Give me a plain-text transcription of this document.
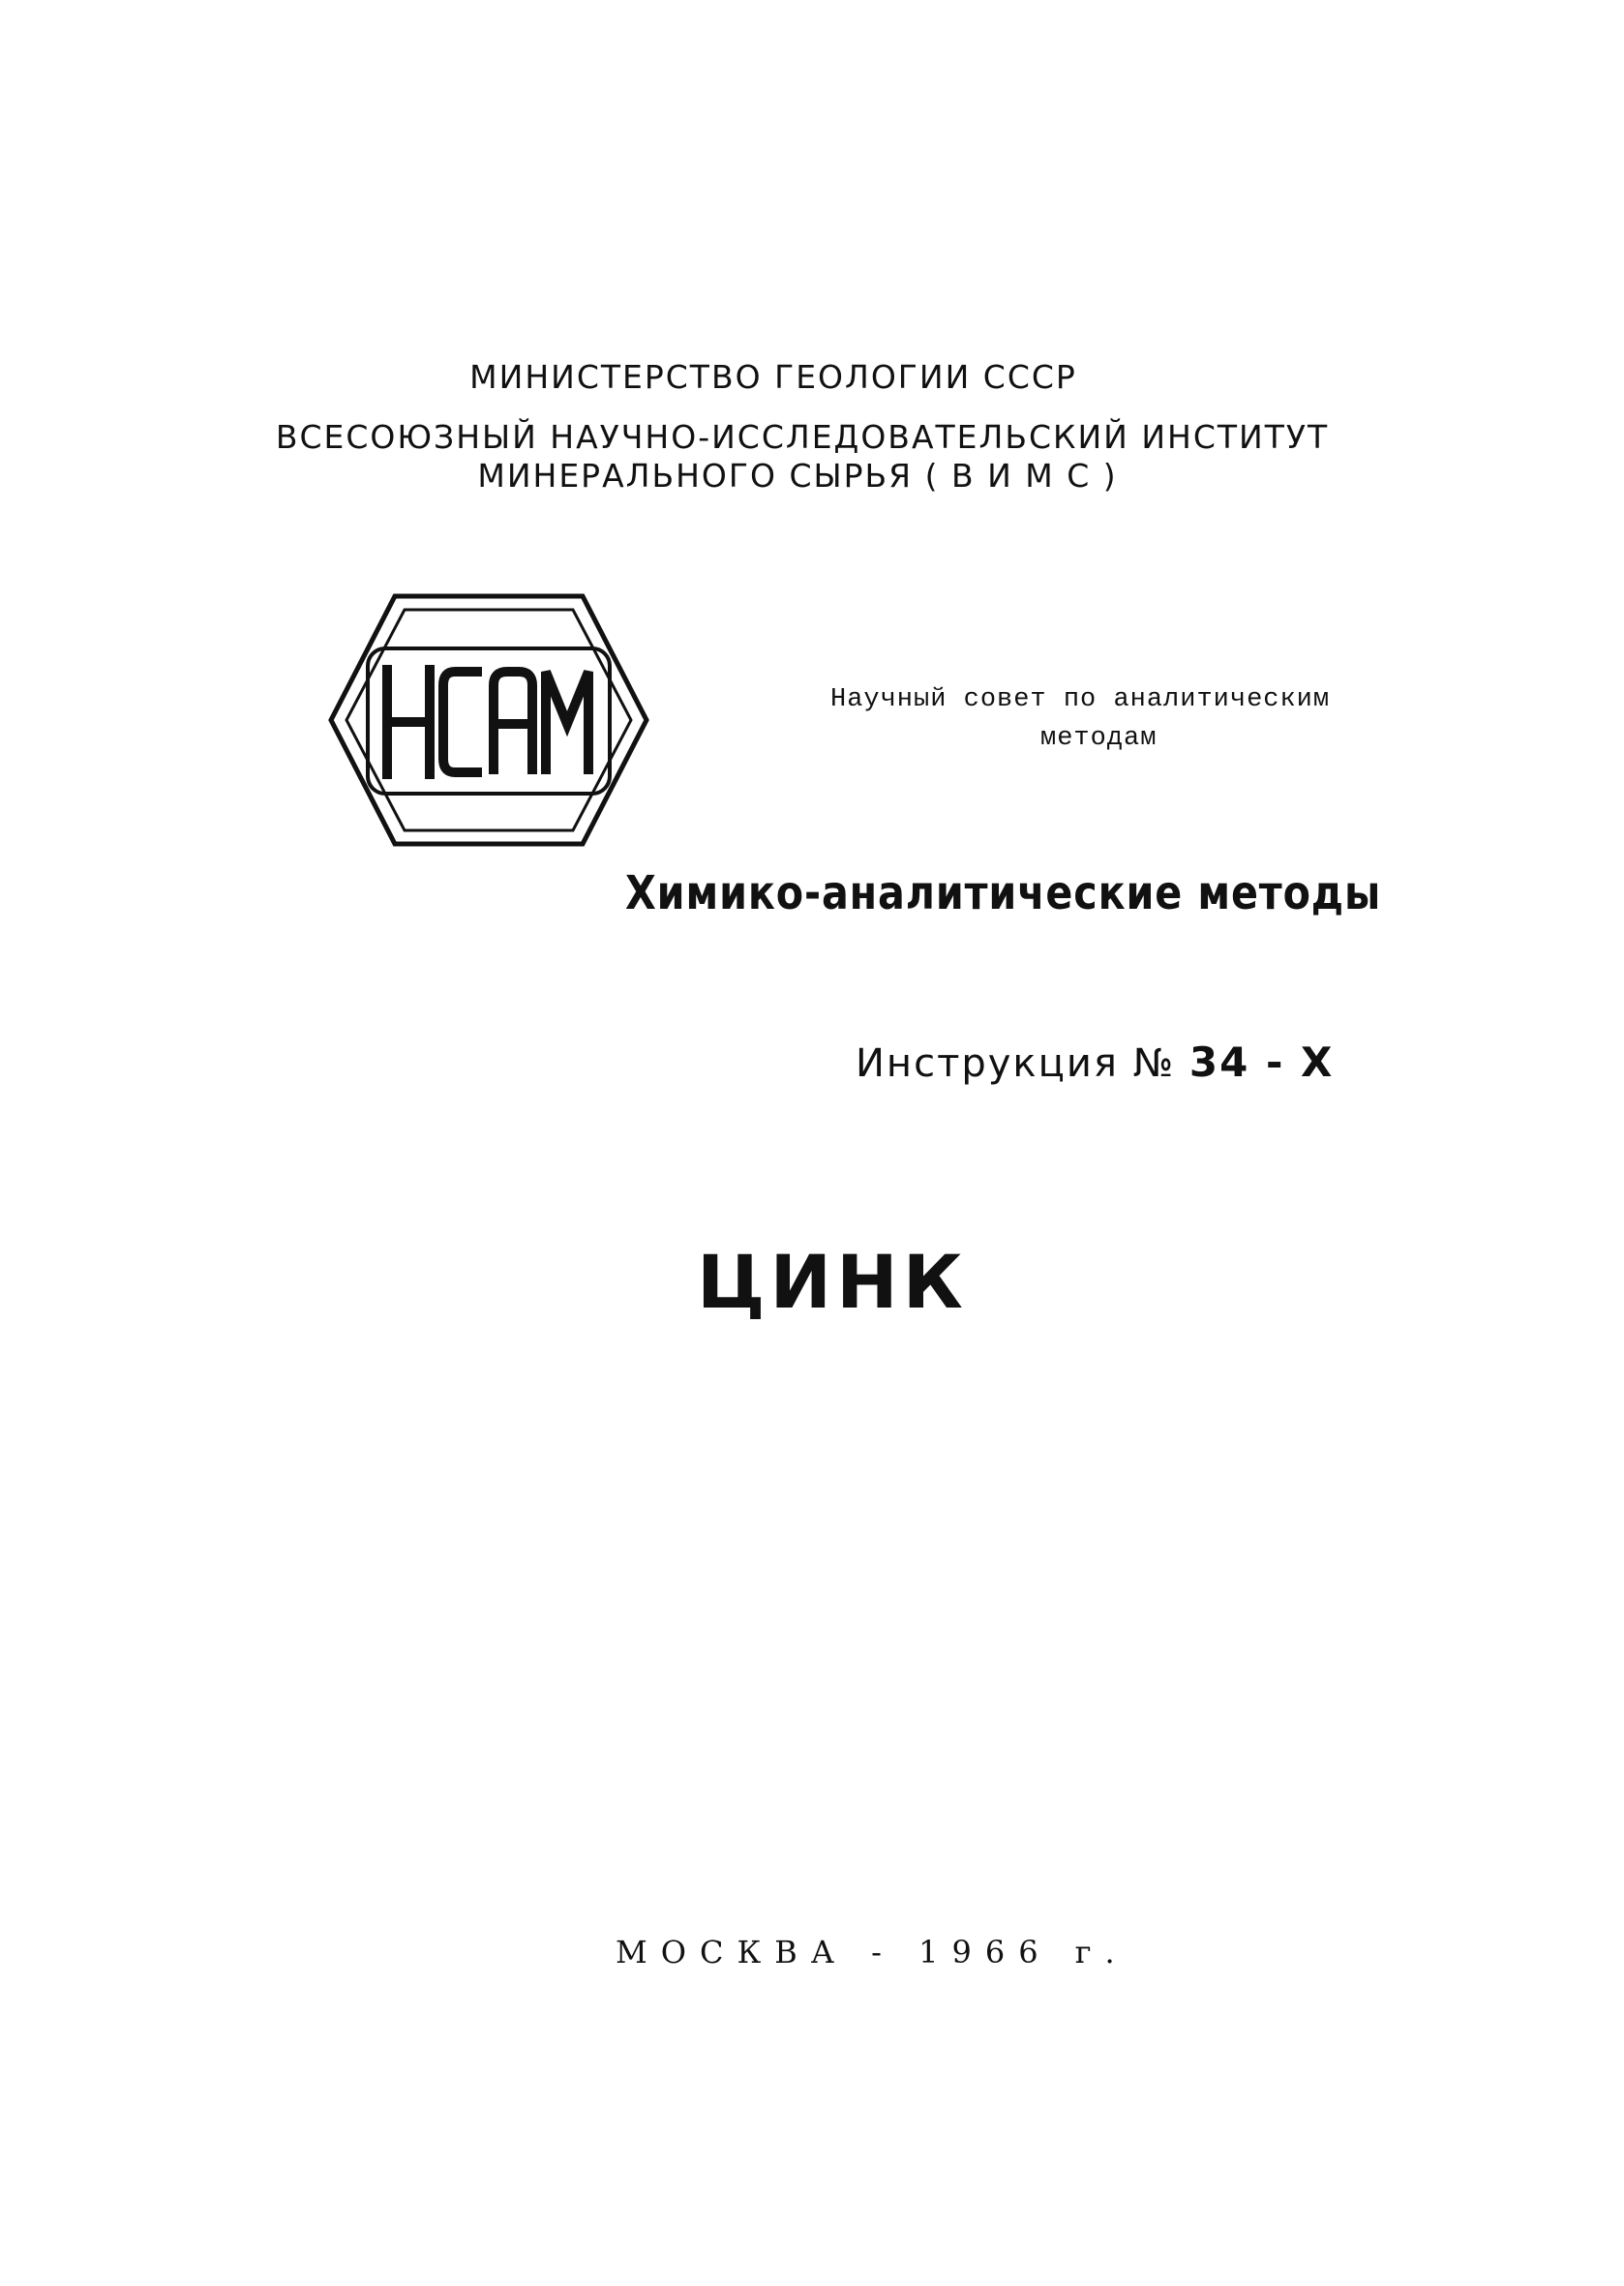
МИНИСТЕРСТВО ГЕОЛОГИИ СССР

ВСЕСОЮЗНЫЙ НАУЧНО-ИССЛЕДОВАТЕЛЬСКИЙ ИНСТИТУТ

МИНЕРАЛЬНОГО СЫРЬЯ ( В И М С )

Научный совет по аналитическим

методам

Химико-аналитические методы

Инструкция № 34 - Х

ЦИНК

МОСКВА - 1966 г.
